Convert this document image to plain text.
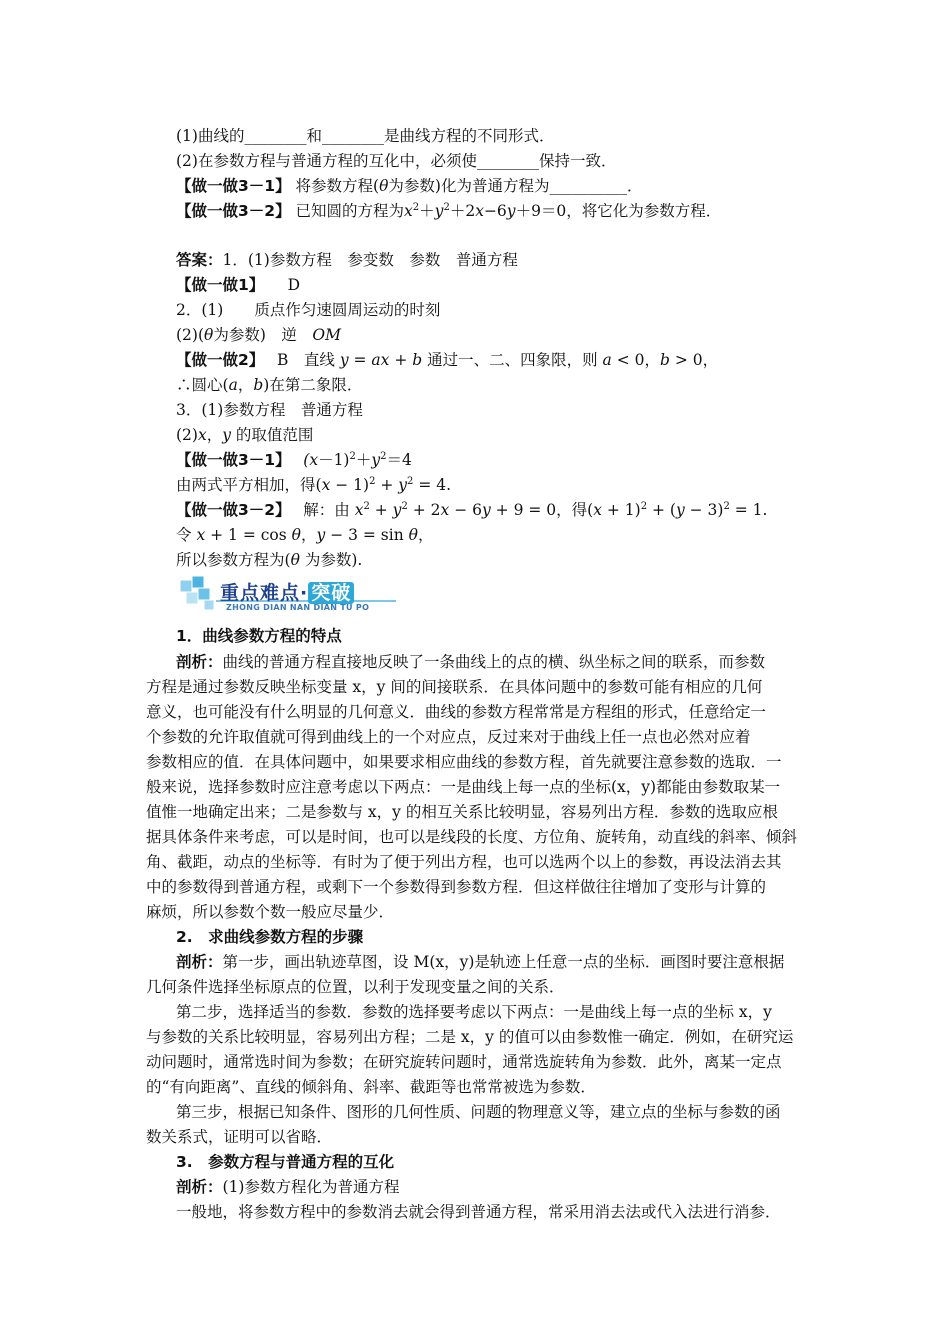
(1)曲线的________和________是曲线方程的不同形式．
(2)在参数方程与普通方程的互化中，必须使________保持一致．
【做一做3－1】 将参数方程(θ为参数)化为普通方程为__________．
【做一做3－2】 已知圆的方程为$x^2+y^2+2x-6y+9=0$，将它化为参数方程．
答案：1．(1)参数方程　参变数　参数　普通方程
【做一做1】　　 D
2．(1)　　质点作匀速圆周运动的时刻
(2)(θ为参数)　逆　OM
【做一做2】　 B　直线 y = ax + b 通过一、二、四象限，则 a < 0，b > 0，
∴圆心(a，b)在第二象限．
3．(1)参数方程　普通方程
(2)x，y 的取值范围
【做一做3－1】　 $(x-1)^2+y^2=4$
由两式平方相加，得$(x - 1)^2 + y^2 = 4$.
【做一做3－2】　 解：由 $x^2 + y^2 + 2x - 6y + 9 = 0$，得$(x + 1)^2 + (y - 3)^2 = 1$.
令 x + 1 = cos θ，y − 3 = sin θ，
所以参数方程为(θ 为参数).
重点难点· 突破
ZHONG DIAN NAN DIAN TU PO
1．曲线参数方程的特点
剖析：曲线的普通方程直接地反映了一条曲线上的点的横、纵坐标之间的联系，而参数
方程是通过参数反映坐标变量 x，y 间的间接联系．在具体问题中的参数可能有相应的几何
意义，也可能没有什么明显的几何意义．曲线的参数方程常常是方程组的形式，任意给定一
个参数的允许取值就可得到曲线上的一个对应点，反过来对于曲线上任一点也必然对应着
参数相应的值．在具体问题中，如果要求相应曲线的参数方程，首先就要注意参数的选取．一
般来说，选择参数时应注意考虑以下两点：一是曲线上每一点的坐标(x，y)都能由参数取某一
值惟一地确定出来；二是参数与 x，y 的相互关系比较明显，容易列出方程．参数的选取应根
据具体条件来考虑，可以是时间，也可以是线段的长度、方位角、旋转角，动直线的斜率、倾斜
角、截距，动点的坐标等．有时为了便于列出方程，也可以选两个以上的参数，再设法消去其
中的参数得到普通方程，或剩下一个参数得到参数方程．但这样做往往增加了变形与计算的
麻烦，所以参数个数一般应尽量少．
2.　求曲线参数方程的步骤
剖析：第一步，画出轨迹草图，设 M(x，y)是轨迹上任意一点的坐标．画图时要注意根据
几何条件选择坐标原点的位置，以利于发现变量之间的关系．
第二步，选择适当的参数．参数的选择要考虑以下两点：一是曲线上每一点的坐标 x，y
与参数的关系比较明显，容易列出方程；二是 x，y 的值可以由参数惟一确定．例如，在研究运
动问题时，通常选时间为参数；在研究旋转问题时，通常选旋转角为参数．此外，离某一定点
的“有向距离”、直线的倾斜角、斜率、截距等也常常被选为参数．
第三步，根据已知条件、图形的几何性质、问题的物理意义等，建立点的坐标与参数的函
数关系式，证明可以省略．
3.　参数方程与普通方程的互化
剖析：(1)参数方程化为普通方程
一般地，将参数方程中的参数消去就会得到普通方程，常采用消去法或代入法进行消参．
